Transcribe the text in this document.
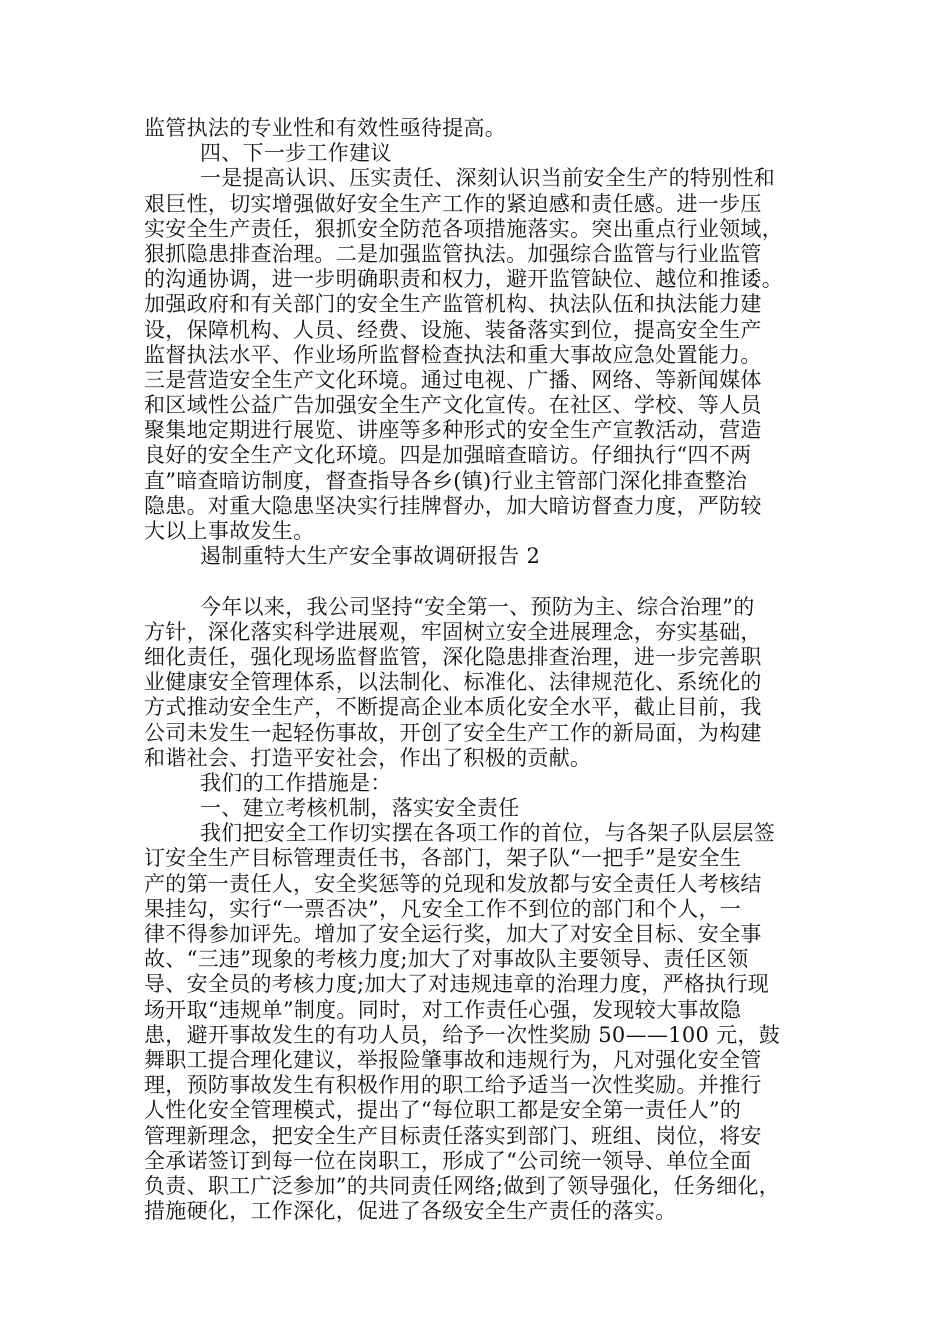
监管执法的专业性和有效性亟待提高。

四、下一步工作建议

一是提高认识、压实责任、深刻认识当前安全生产的特别性和

艰巨性，切实增强做好安全生产工作的紧迫感和责任感。进一步压

实安全生产责任，狠抓安全防范各项措施落实。突出重点行业领域，

狠抓隐患排查治理。二是加强监管执法。加强综合监管与行业监管

的沟通协调，进一步明确职责和权力，避开监管缺位、越位和推诿。

加强政府和有关部门的安全生产监管机构、执法队伍和执法能力建

设，保障机构、人员、经费、设施、装备落实到位，提高安全生产

监督执法水平、作业场所监督检查执法和重大事故应急处置能力。

三是营造安全生产文化环境。通过电视、广播、网络、等新闻媒体

和区域性公益广告加强安全生产文化宣传。在社区、学校、等人员

聚集地定期进行展览、讲座等多种形式的安全生产宣教活动，营造

良好的安全生产文化环境。四是加强暗查暗访。仔细执行“四不两

直”暗查暗访制度，督查指导各乡(镇)行业主管部门深化排查整治

隐患。对重大隐患坚决实行挂牌督办，加大暗访督查力度，严防较

大以上事故发生。

遏制重特大生产安全事故调研报告 2

今年以来，我公司坚持“安全第一、预防为主、综合治理”的

方针，深化落实科学进展观，牢固树立安全进展理念，夯实基础，

细化责任，强化现场监督监管，深化隐患排查治理，进一步完善职

业健康安全管理体系，以法制化、标准化、法律规范化、系统化的

方式推动安全生产，不断提高企业本质化安全水平，截止目前，我

公司未发生一起轻伤事故，开创了安全生产工作的新局面，为构建

和谐社会、打造平安社会，作出了积极的贡献。

我们的工作措施是：

一、建立考核机制，落实安全责任

我们把安全工作切实摆在各项工作的首位，与各架子队层层签

订安全生产目标管理责任书，各部门，架子队“一把手”是安全生

产的第一责任人，安全奖惩等的兑现和发放都与安全责任人考核结

果挂勾，实行“一票否决”，凡安全工作不到位的部门和个人，一

律不得参加评先。增加了安全运行奖，加大了对安全目标、安全事

故、“三违”现象的考核力度;加大了对事故队主要领导、责任区领

导、安全员的考核力度;加大了对违规违章的治理力度，严格执行现

场开取“违规单”制度。同时，对工作责任心强，发现较大事故隐

患，避开事故发生的有功人员，给予一次性奖励 50——100 元，鼓

舞职工提合理化建议，举报险肇事故和违规行为，凡对强化安全管

理，预防事故发生有积极作用的职工给予适当一次性奖励。并推行

人性化安全管理模式，提出了“每位职工都是安全第一责任人”的

管理新理念，把安全生产目标责任落实到部门、班组、岗位，将安

全承诺签订到每一位在岗职工，形成了“公司统一领导、单位全面

负责、职工广泛参加”的共同责任网络;做到了领导强化，任务细化，

措施硬化，工作深化，促进了各级安全生产责任的落实。
